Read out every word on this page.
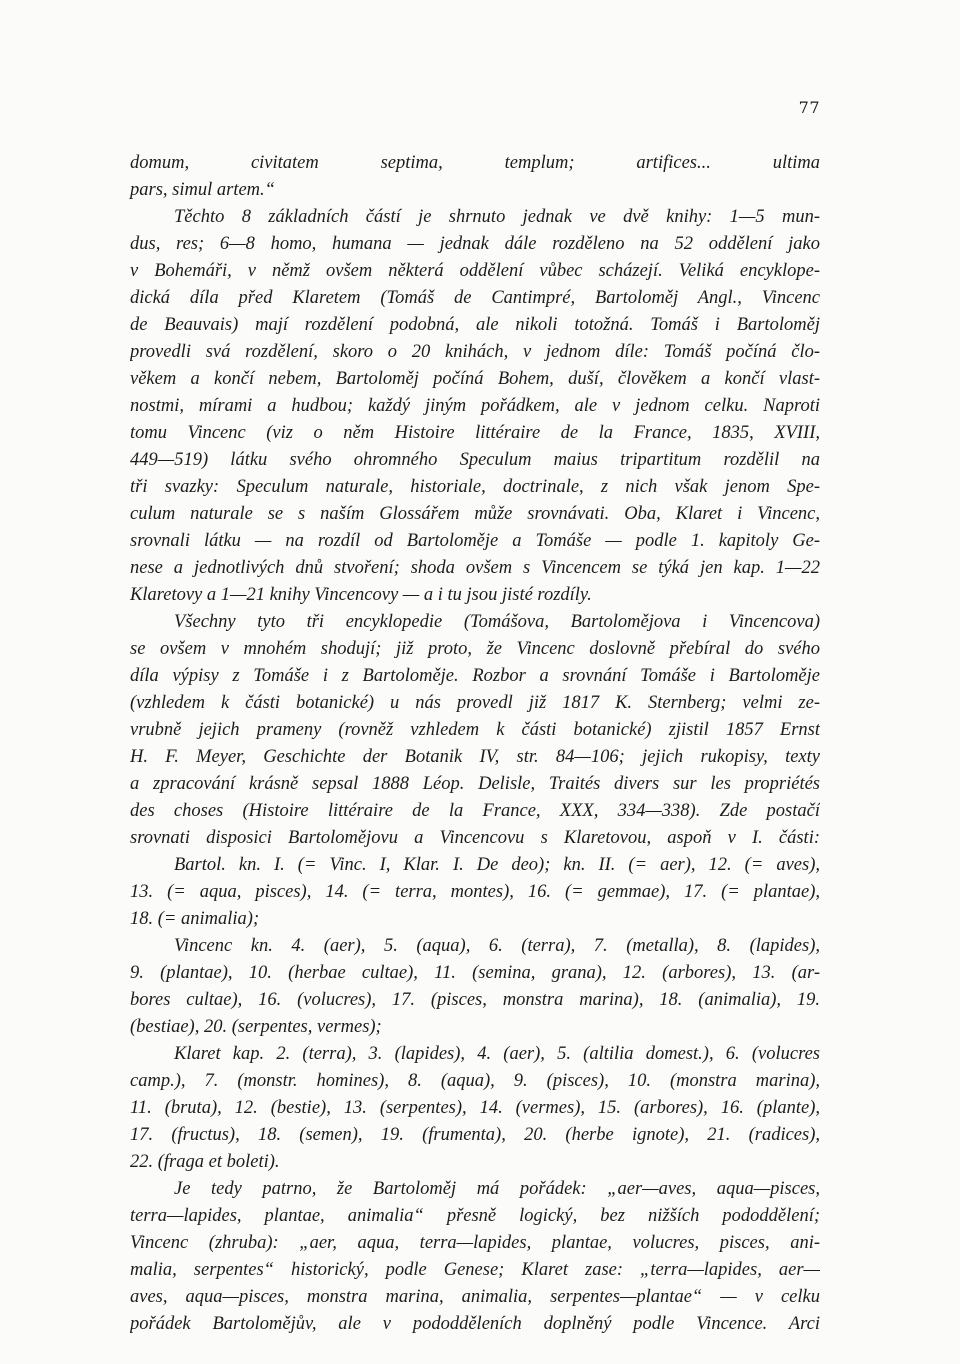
77
domum, civitatem septima, templum; artifices... ultima
pars, simul artem.“
Těchto 8 základních částí je shrnuto jednak ve dvě knihy: 1—5 mun-
dus, res; 6—8 homo, humana — jednak dále rozděleno na 52 oddělení jako
v Bohemáři, v němž ovšem některá oddělení vůbec scházejí. Veliká encyklope-
dická díla před Klaretem (Tomáš de Cantimpré, Bartoloměj Angl., Vincenc
de Beauvais) mají rozdělení podobná, ale nikoli totožná. Tomáš i Bartoloměj
provedli svá rozdělení, skoro o 20 knihách, v jednom díle: Tomáš počíná člo-
věkem a končí nebem, Bartoloměj počíná Bohem, duší, člověkem a končí vlast-
nostmi, mírami a hudbou; každý jiným pořádkem, ale v jednom celku. Naproti
tomu Vincenc (viz o něm Histoire littéraire de la France, 1835, XVIII,
449—519) látku svého ohromného Speculum maius tripartitum rozdělil na
tři svazky: Speculum naturale, historiale, doctrinale, z nich však jenom Spe-
culum naturale se s naším Glossářem může srovnávati. Oba, Klaret i Vincenc,
srovnali látku — na rozdíl od Bartoloměje a Tomáše — podle 1. kapitoly Ge-
nese a jednotlivých dnů stvoření; shoda ovšem s Vincencem se týká jen kap. 1—22
Klaretovy a 1—21 knihy Vincencovy — a i tu jsou jisté rozdíly.
Všechny tyto tři encyklopedie (Tomášova, Bartolomějova i Vincencova)
se ovšem v mnohém shodují; již proto, že Vincenc doslovně přebíral do svého
díla výpisy z Tomáše i z Bartoloměje. Rozbor a srovnání Tomáše i Bartoloměje
(vzhledem k části botanické) u nás provedl již 1817 K. Sternberg; velmi ze-
vrubně jejich prameny (rovněž vzhledem k části botanické) zjistil 1857 Ernst
H. F. Meyer, Geschichte der Botanik IV, str. 84—106; jejich rukopisy, texty
a zpracování krásně sepsal 1888 Léop. Delisle, Traités divers sur les propriétés
des choses (Histoire littéraire de la France, XXX, 334—338). Zde postačí
srovnati disposici Bartolomějovu a Vincencovu s Klaretovou, aspoň v I. části:
Bartol. kn. I. (= Vinc. I, Klar. I. De deo); kn. II. (= aer), 12. (= aves),
13. (= aqua, pisces), 14. (= terra, montes), 16. (= gemmae), 17. (= plantae),
18. (= animalia);
Vincenc kn. 4. (aer), 5. (aqua), 6. (terra), 7. (metalla), 8. (lapides),
9. (plantae), 10. (herbae cultae), 11. (semina, grana), 12. (arbores), 13. (ar-
bores cultae), 16. (volucres), 17. (pisces, monstra marina), 18. (animalia), 19.
(bestiae), 20. (serpentes, vermes);
Klaret kap. 2. (terra), 3. (lapides), 4. (aer), 5. (altilia domest.), 6. (volucres
camp.), 7. (monstr. homines), 8. (aqua), 9. (pisces), 10. (monstra marina),
11. (bruta), 12. (bestie), 13. (serpentes), 14. (vermes), 15. (arbores), 16. (plante),
17. (fructus), 18. (semen), 19. (frumenta), 20. (herbe ignote), 21. (radices),
22. (fraga et boleti).
Je tedy patrno, že Bartoloměj má pořádek: „aer—aves, aqua—pisces,
terra—lapides, plantae, animalia“ přesně logický, bez nižších pododdělení;
Vincenc (zhruba): „aer, aqua, terra—lapides, plantae, volucres, pisces, ani-
malia, serpentes“ historický, podle Genese; Klaret zase: „terra—lapides, aer—
aves, aqua—pisces, monstra marina, animalia, serpentes—plantae“ — v celku
pořádek Bartolomějův, ale v pododděleních doplněný podle Vincence. Arci
